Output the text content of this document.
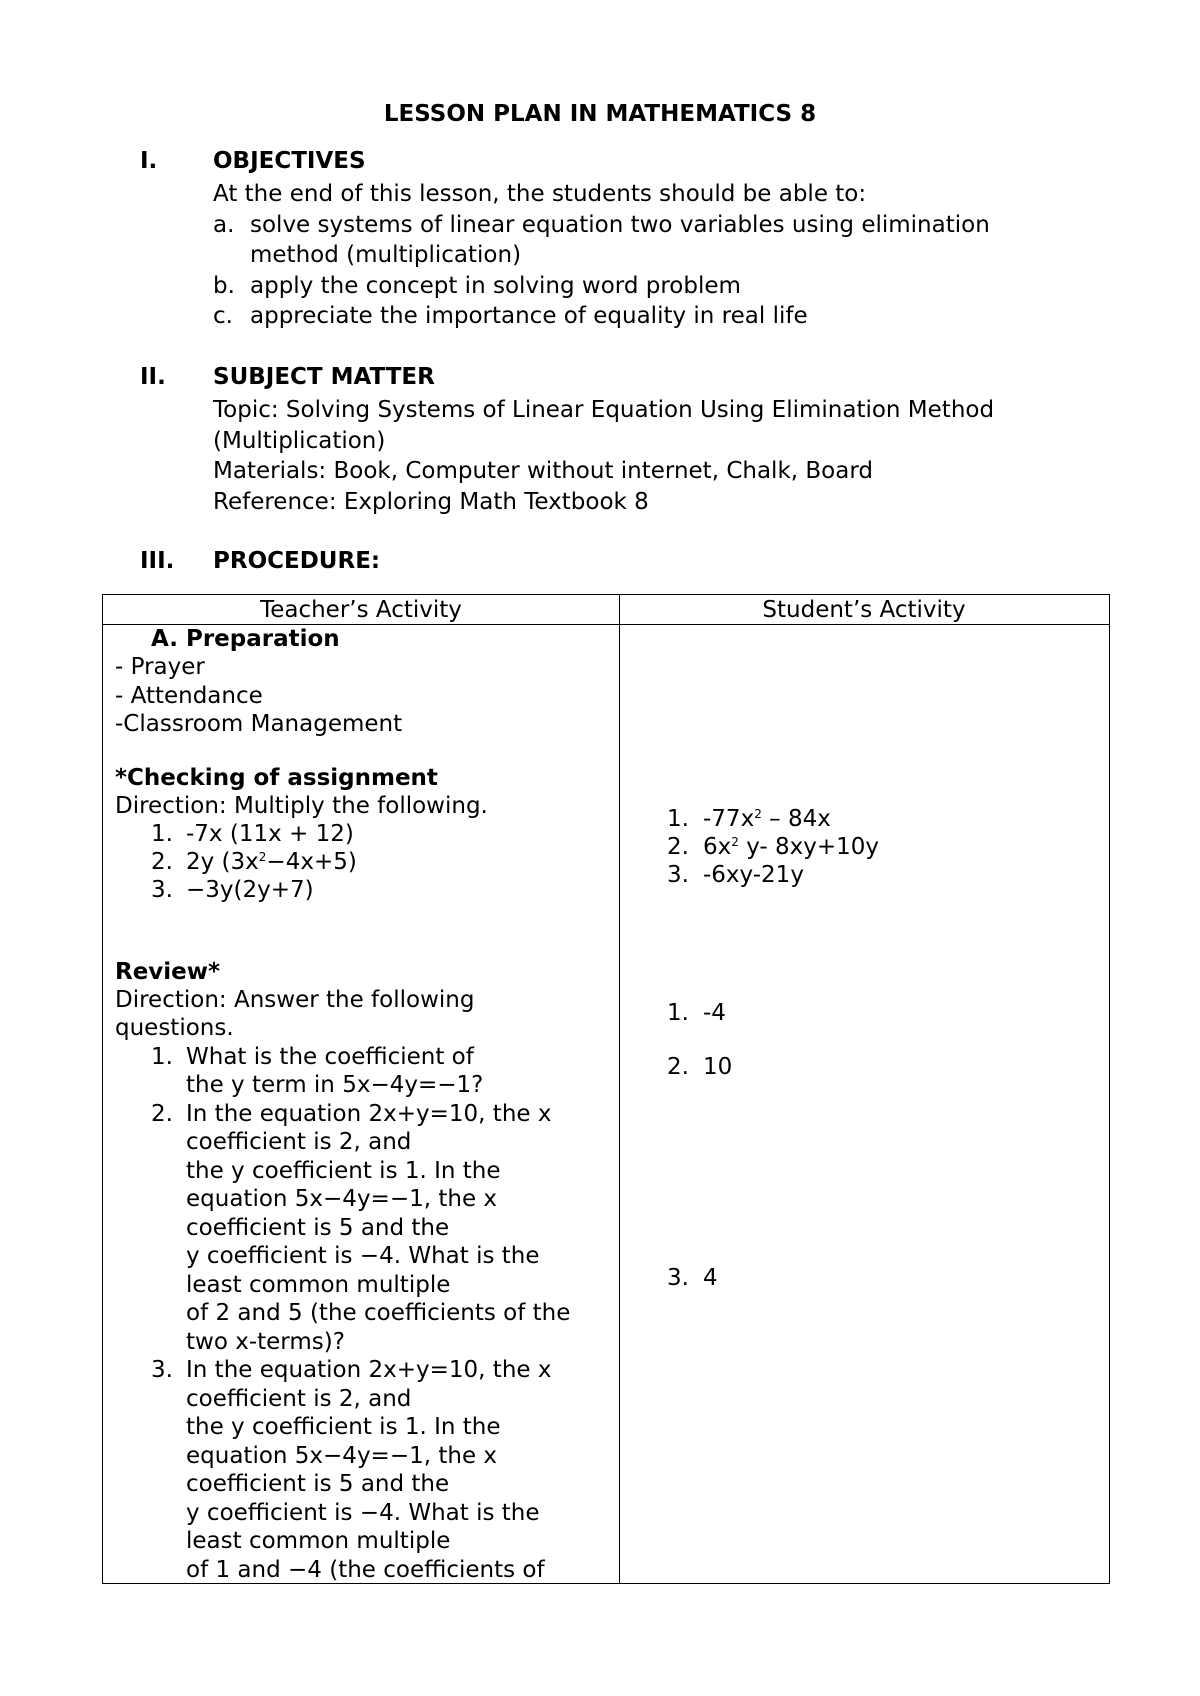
LESSON PLAN IN MATHEMATICS 8
I. OBJECTIVES
At the end of this lesson, the students should be able to:
a. solve systems of linear equation two variables using elimination
method (multiplication)
b. apply the concept in solving word problem
c. appreciate the importance of equality in real life
II. SUBJECT MATTER
Topic: Solving Systems of Linear Equation Using Elimination Method
(Multiplication)
Materials: Book, Computer without internet, Chalk, Board
Reference: Exploring Math Textbook 8
III. PROCEDURE:
Teacher’s Activity	Student’s Activity
A. Preparation
- Prayer
- Attendance
-Classroom Management
*Checking of assignment
Direction: Multiply the following.
1. -7x (11x + 12)
2. 2y $(3x^2-4x+5)$
3. −3y(2y+7)
Review*
Direction: Answer the following
questions.
1. What is the coefficient of
the y term in 5x−4y=−1?
2. In the equation 2x+y=10, the x
coefficient is 2, and
the y coefficient is 1. In the
equation 5x−4y=−1, the x
coefficient is 5 and the
y coefficient is −4. What is the
least common multiple
of 2 and 5 (the coefficients of the
two x-terms)?
3. In the equation 2x+y=10, the x
coefficient is 2, and
the y coefficient is 1. In the
equation 5x−4y=−1, the x
coefficient is 5 and the
y coefficient is −4. What is the
least common multiple
of 1 and −4 (the coefficients of
1. $-77x^2 - 84x$
2. $6x^2$ y- 8xy+10y
3. -6xy-21y
1. -4
2. 10
3. 4
